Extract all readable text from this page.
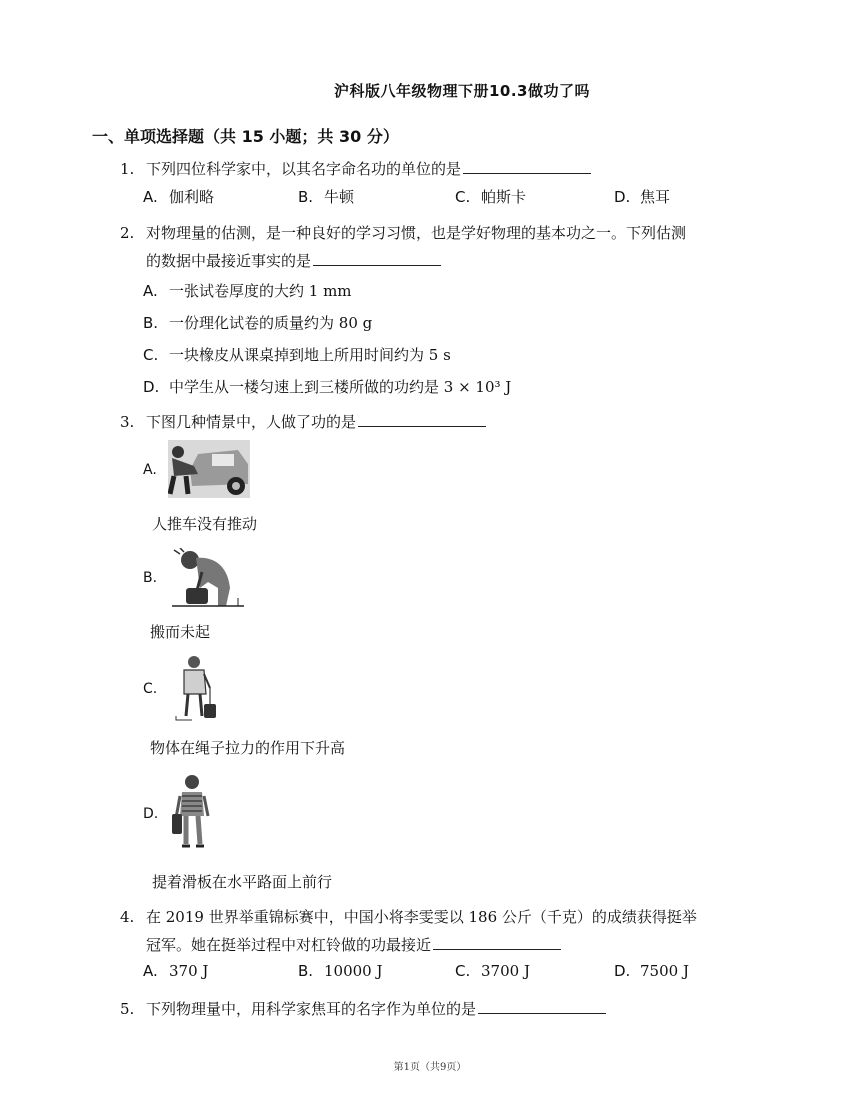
沪科版八年级物理下册10.3做功了吗
一、单项选择题（共 15 小题；共 30 分）
1. 下列四位科学家中，以其名字命名功的单位的是
A. 伽利略	B. 牛顿	C. 帕斯卡	D. 焦耳
2. 对物理量的估测，是一种良好的学习习惯，也是学好物理的基本功之一。下列估测
的数据中最接近事实的是
A. 一张试卷厚度的大约 1 mm
B. 一份理化试卷的质量约为 80 g
C. 一块橡皮从课桌掉到地上所用时间约为 5 s
D. 中学生从一楼匀速上到三楼所做的功约是 3 × 10³ J
3. 下图几种情景中，人做了功的是
A.
人推车没有推动
B.
搬而未起
C.
物体在绳子拉力的作用下升高
D.
提着滑板在水平路面上前行
4. 在 2019 世界举重锦标赛中，中国小将李雯雯以 186 公斤（千克）的成绩获得挺举
冠军。她在挺举过程中对杠铃做的功最接近
A. 370 J	B. 10000 J	C. 3700 J	D. 7500 J
5. 下列物理量中，用科学家焦耳的名字作为单位的是
第1页（共9页）
